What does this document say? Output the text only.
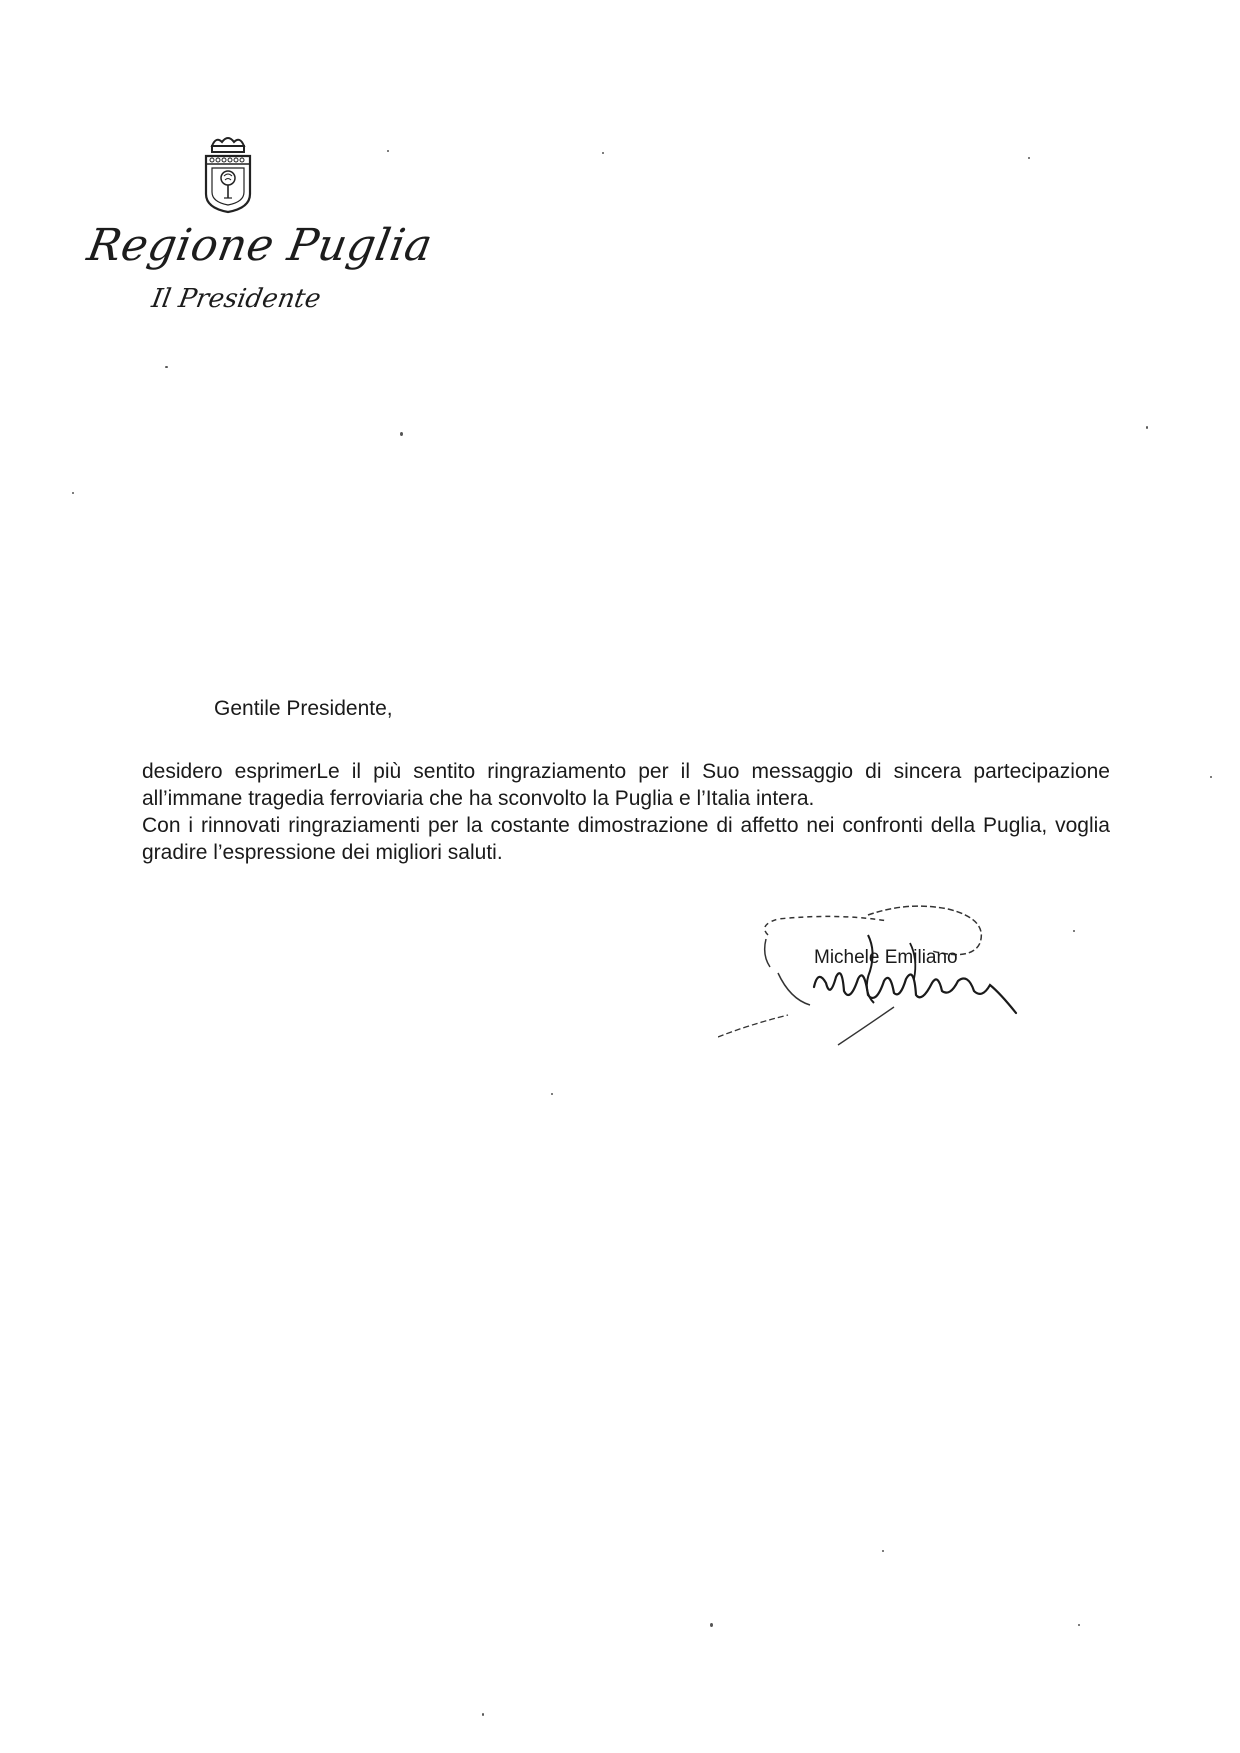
Regione Puglia
Il Presidente
Gentile Presidente,

desidero esprimerLe il più sentito ringraziamento per il Suo messaggio di sincera partecipazione all’immane tragedia ferroviaria che ha sconvolto la Puglia e l’Italia intera.

Con i rinnovati ringraziamenti per la costante dimostrazione di affetto nei confronti della Puglia, voglia gradire l’espressione dei migliori saluti.

Michele Emiliano
